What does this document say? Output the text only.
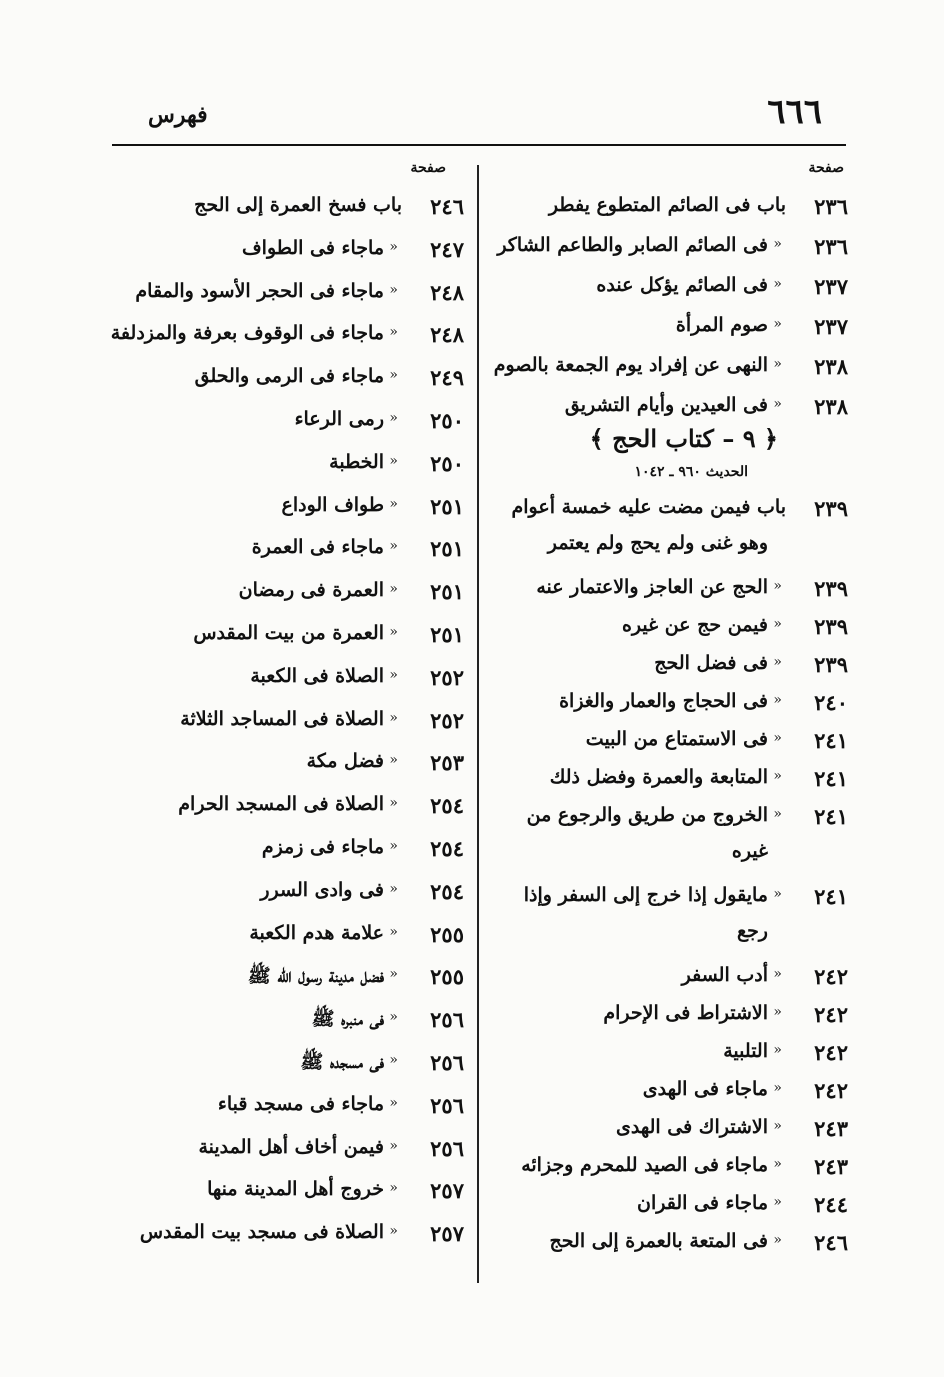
٦٦٦
فهرس
صفحة
﴿ ٩ – كتاب الحج ﴾
الحديث ٩٦٠ ـ ١٠٤٢
٢٣٦
باب فى الصائم المتطوع يفطر
٢٣٦
«
فى الصائم الصابر والطاعم الشاكر
٢٣٧
«
فى الصائم يؤكل عنده
٢٣٧
«
صوم المرأة
٢٣٨
«
النهى عن إفراد يوم الجمعة بالصوم
٢٣٨
«
فى العيدين وأيام التشريق
٢٣٩
باب فيمن مضت عليه خمسة أعوام
وهو غنى ولم يحج ولم يعتمر
٢٣٩
«
الحج عن العاجز والاعتمار عنه
٢٣٩
«
فيمن حج عن غيره
٢٣٩
«
فى فضل الحج
٢٤٠
«
فى الحجاج والعمار والغزاة
٢٤١
«
فى الاستمتاع من البيت
٢٤١
«
المتابعة والعمرة وفضل ذلك
٢٤١
«
الخروج من طريق والرجوع من
غيره
٢٤١
«
مايقول إذا خرج إلى السفر وإذا
رجع
٢٤٢
«
أدب السفر
٢٤٢
«
الاشتراط فى الإحرام
٢٤٢
«
التلبية
٢٤٢
«
ماجاء فى الهدى
٢٤٣
«
الاشتراك فى الهدى
٢٤٣
«
ماجاء فى الصيد للمحرم وجزائه
٢٤٤
«
ماجاء فى القران
٢٤٦
«
فى المتعة بالعمرة إلى الحج
صفحة
٢٤٦
باب فسخ العمرة إلى الحج
٢٤٧
«
ماجاء فى الطواف
٢٤٨
«
ماجاء فى الحجر الأسود والمقام
٢٤٨
«
ماجاء فى الوقوف بعرفة والمزدلفة
٢٤٩
«
ماجاء فى الرمى والحلق
٢٥٠
«
رمى الرعاء
٢٥٠
«
الخطبة
٢٥١
«
طواف الوداع
٢٥١
«
ماجاء فى العمرة
٢٥١
«
العمرة فى رمضان
٢٥١
«
العمرة من بيت المقدس
٢٥٢
«
الصلاة فى الكعبة
٢٥٢
«
الصلاة فى المساجد الثلاثة
٢٥٣
«
فضل مكة
٢٥٤
«
الصلاة فى المسجد الحرام
٢٥٤
«
ماجاء فى زمزم
٢٥٤
«
فى وادى السرر
٢٥٥
«
علامة هدم الكعبة
٢٥٥
«
فضل مدينة رسول الله ﷺ
٢٥٦
«
فى منبره ﷺ
٢٥٦
«
فى مسجده ﷺ
٢٥٦
«
ماجاء فى مسجد قباء
٢٥٦
«
فيمن أخاف أهل المدينة
٢٥٧
«
خروج أهل المدينة منها
٢٥٧
«
الصلاة فى مسجد بيت المقدس
